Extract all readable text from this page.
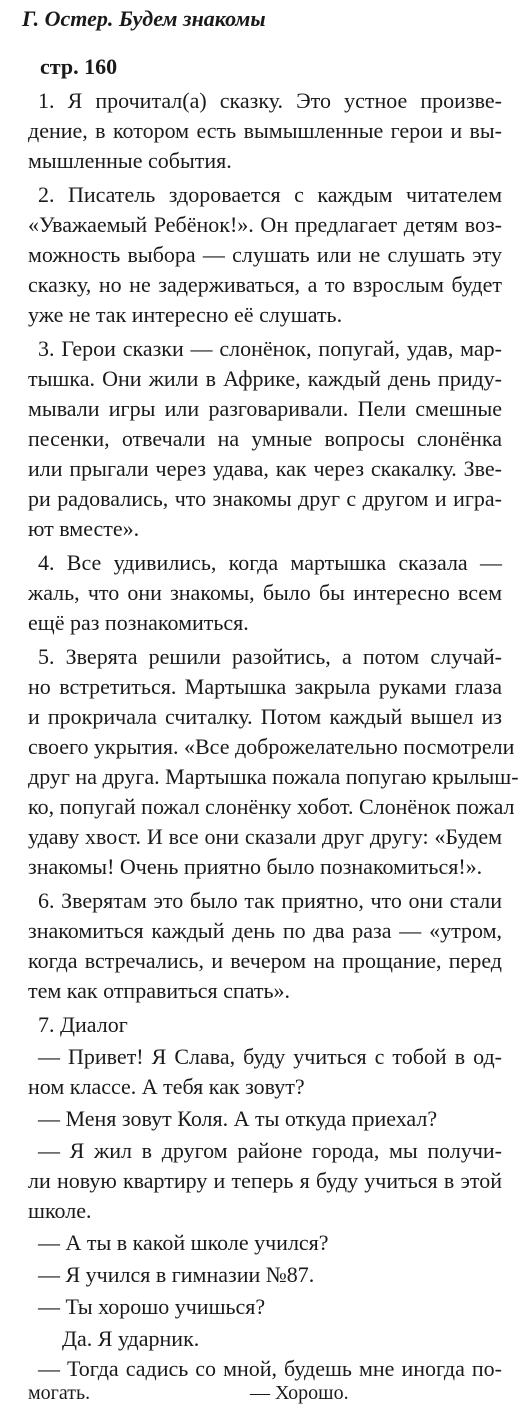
Г. Остер. Будем знакомы
стр. 160
1. Я прочитал(а) сказку. Это устное произве-
дение, в котором есть вымышленные герои и вы-
мышленные события.
2. Писатель здоровается с каждым читателем
«Уважаемый Ребёнок!». Он предлагает детям воз-
можность выбора — слушать или не слушать эту
сказку, но не задерживаться, а то взрослым будет
уже не так интересно её слушать.
3. Герои сказки — слонёнок, попугай, удав, мар-
тышка. Они жили в Африке, каждый день приду-
мывали игры или разговаривали. Пели смешные
песенки, отвечали на умные вопросы слонёнка
или прыгали через удава, как через скакалку. Зве-
ри радовались, что знакомы друг с другом и игра-
ют вместе».
4. Все удивились, когда мартышка сказала —
жаль, что они знакомы, было бы интересно всем
ещё раз познакомиться.
5. Зверята решили разойтись, а потом случай-
но встретиться. Мартышка закрыла руками глаза
и прокричала считалку. Потом каждый вышел из
своего укрытия. «Все доброжелательно посмотрели
друг на друга. Мартышка пожала попугаю крылыш-
ко, попугай пожал слонёнку хобот. Слонёнок пожал
удаву хвост. И все они сказали друг другу: «Будем
знакомы! Очень приятно было познакомиться!».
6. Зверятам это было так приятно, что они стали
знакомиться каждый день по два раза — «утром,
когда встречались, и вечером на прощание, перед
тем как отправиться спать».
7. Диалог
— Привет! Я Слава, буду учиться с тобой в од-
ном классе. А тебя как зовут?
— Меня зовут Коля. А ты откуда приехал?
— Я жил в другом районе города, мы получи-
ли новую квартиру и теперь я буду учиться в этой
школе.
— А ты в какой школе учился?
— Я учился в гимназии №87.
— Ты хорошо учишься?
Да. Я ударник.
— Тогда садись со мной, будешь мне иногда по-
могать.	— Хорошо.
